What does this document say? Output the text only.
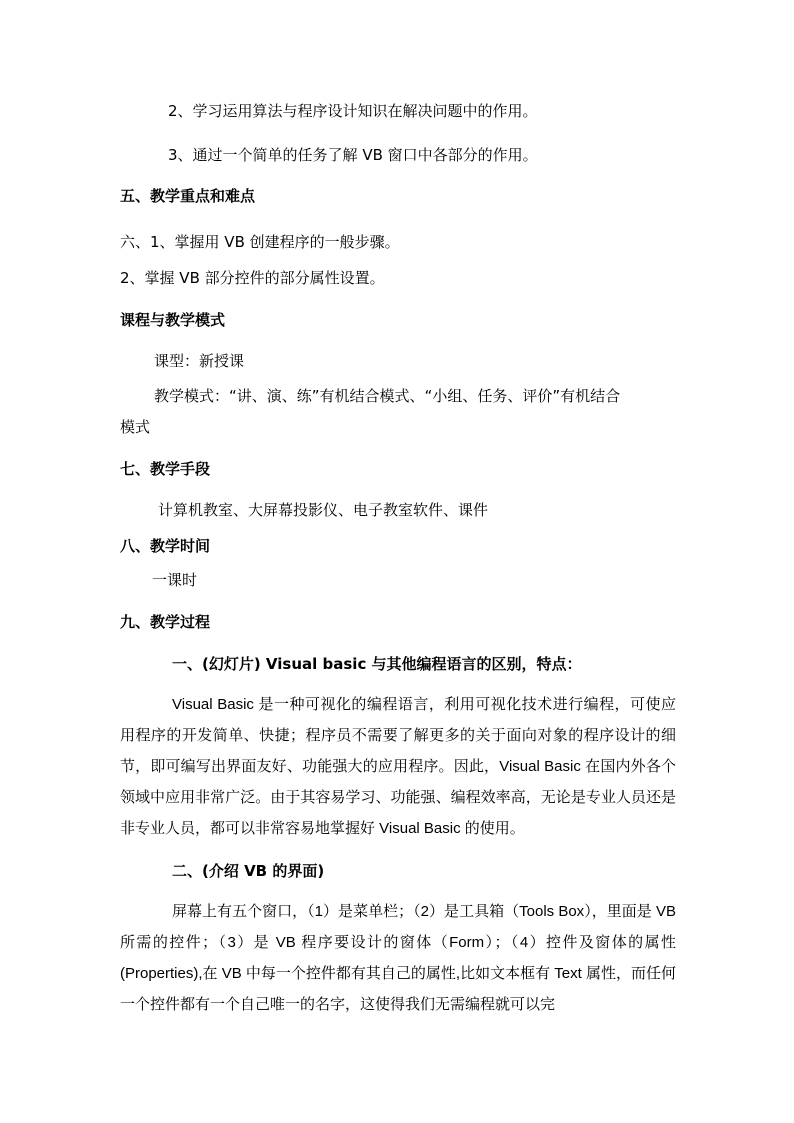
2、学习运用算法与程序设计知识在解决问题中的作用。
3、通过一个简单的任务了解 VB 窗口中各部分的作用。
五、教学重点和难点
六、1、掌握用 VB 创建程序的一般步骤。
2、掌握 VB 部分控件的部分属性设置。
课程与教学模式
课型：新授课
教学模式：“讲、演、练”有机结合模式、“小组、任务、评价”有机结合
模式
七、教学手段
计算机教室、大屏幕投影仪、电子教室软件、课件
八、教学时间
一课时
九、教学过程
一、(幻灯片) Visual basic 与其他编程语言的区别，特点：
Visual Basic 是一种可视化的编程语言，利用可视化技术进行编程，可使应用程序的开发简单、快捷；程序员不需要了解更多的关于面向对象的程序设计的细节，即可编写出界面友好、功能强大的应用程序。因此，Visual Basic 在国内外各个领域中应用非常广泛。由于其容易学习、功能强、编程效率高，无论是专业人员还是非专业人员，都可以非常容易地掌握好 Visual Basic 的使用。
二、(介绍 VB 的界面)
屏幕上有五个窗口，（1）是菜单栏；（2）是工具箱（Tools Box），里面是 VB 所需的控件；（3）是 VB 程序要设计的窗体（Form）；（4）控件及窗体的属性(Properties),在 VB 中每一个控件都有其自己的属性,比如文本框有 Text 属性，而任何一个控件都有一个自己唯一的名字，这使得我们无需编程就可以完
